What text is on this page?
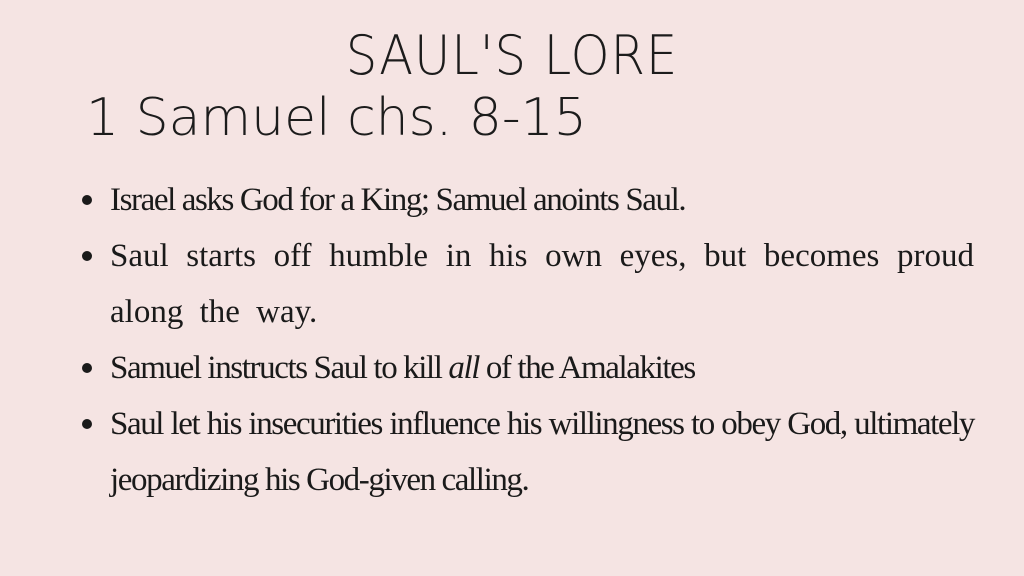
SAUL'S LORE
1 Samuel chs. 8-15
Israel asks God for a King; Samuel anoints Saul.
Saul starts off humble in his own eyes, but becomes proud along the way.
Samuel instructs Saul to kill all of the Amalakites
Saul let his insecurities influence his willingness to obey God, ultimately jeopardizing his God-given calling.
